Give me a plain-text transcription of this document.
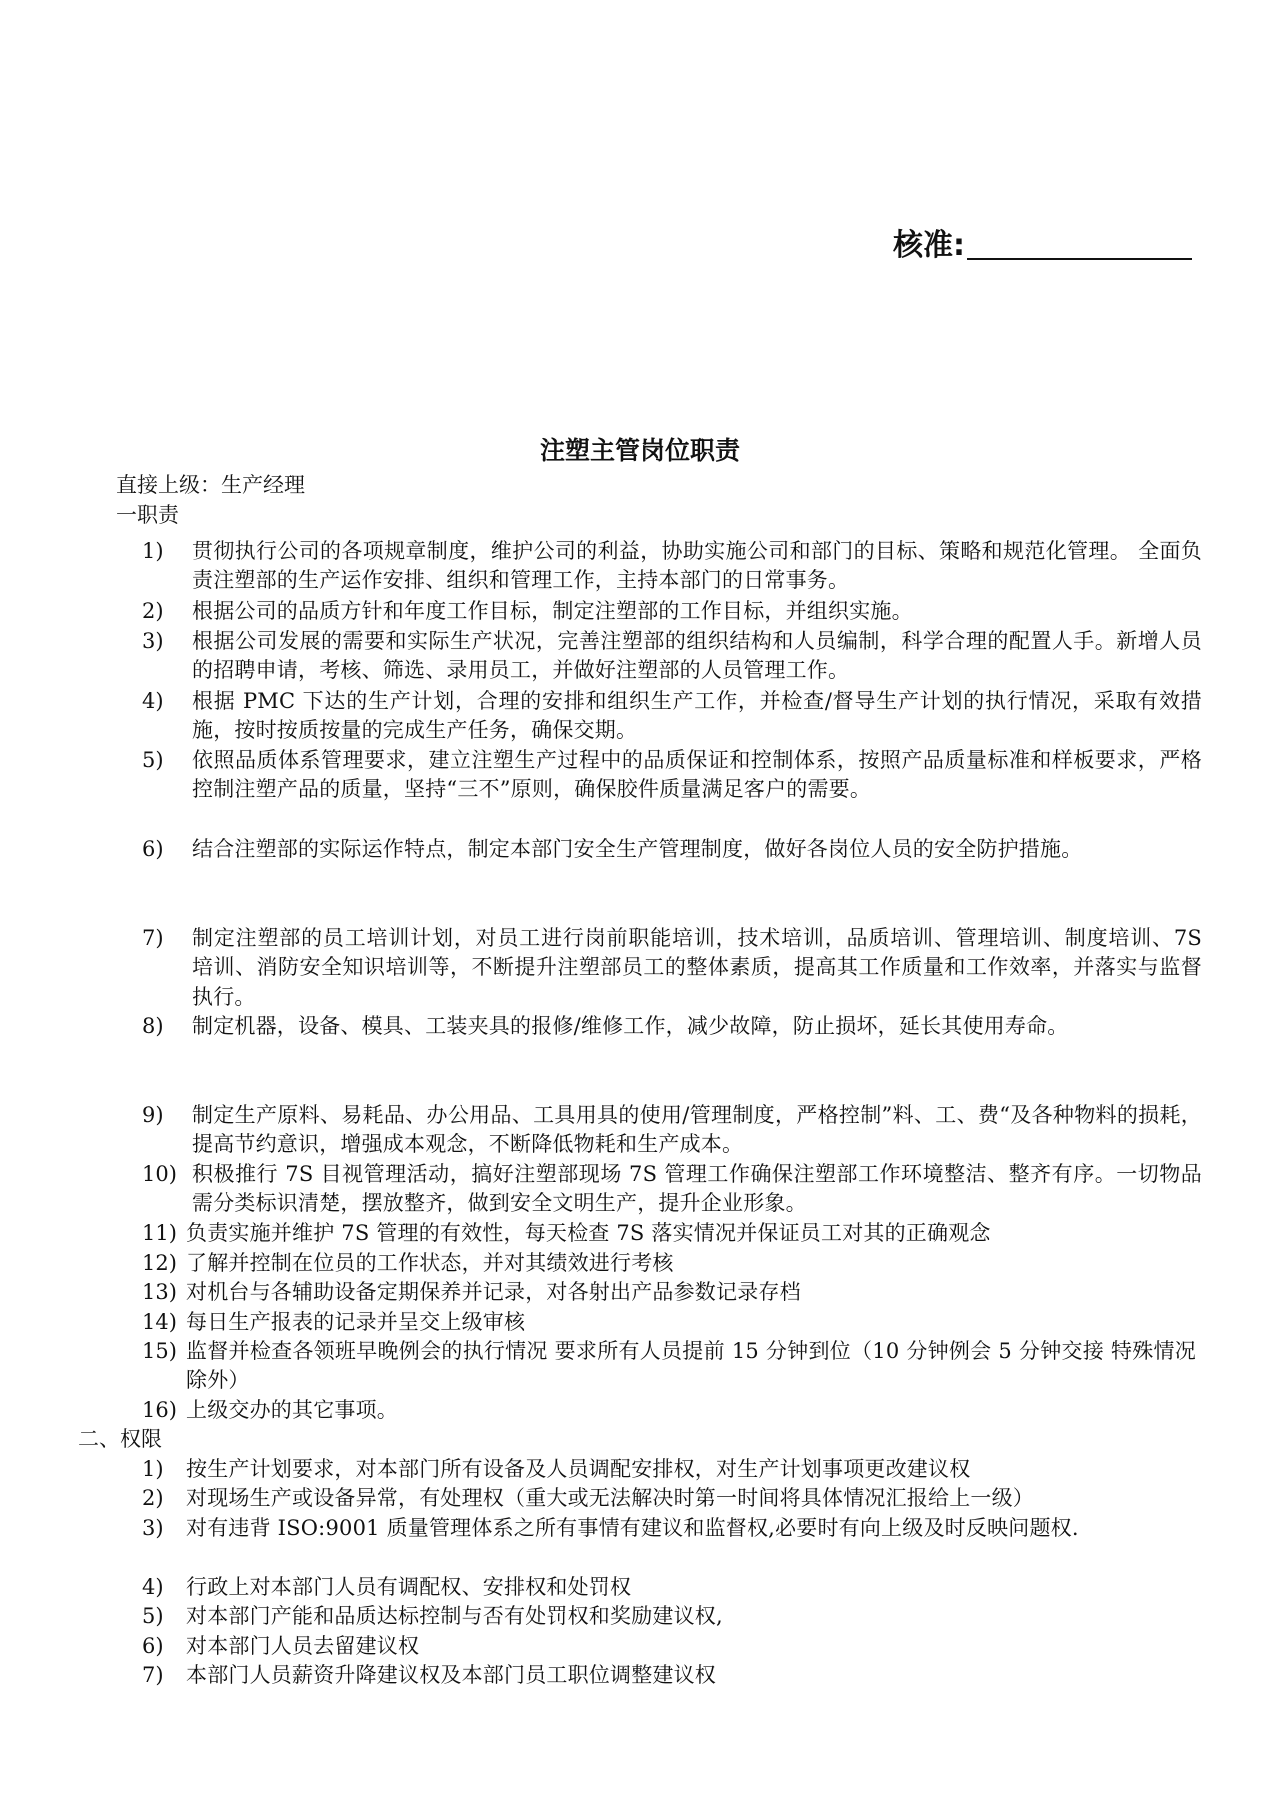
核准:
注塑主管岗位职责
直接上级：生产经理
一职责
1)	贯彻执行公司的各项规章制度，维护公司的利益，协助实施公司和部门的目标、策略和规范化管理。 全面负责注塑部的生产运作安排、组织和管理工作，主持本部门的日常事务。
2)	根据公司的品质方针和年度工作目标，制定注塑部的工作目标，并组织实施。
3)	根据公司发展的需要和实际生产状况，完善注塑部的组织结构和人员编制，科学合理的配置人手。新增人员的招聘申请，考核、筛选、录用员工，并做好注塑部的人员管理工作。
4)	根据 PMC 下达的生产计划，合理的安排和组织生产工作，并检查/督导生产计划的执行情况，采取有效措施，按时按质按量的完成生产任务，确保交期。
5)	依照品质体系管理要求，建立注塑生产过程中的品质保证和控制体系，按照产品质量标准和样板要求，严格控制注塑产品的质量，坚持“三不”原则，确保胶件质量满足客户的需要。
6)	结合注塑部的实际运作特点，制定本部门安全生产管理制度，做好各岗位人员的安全防护措施。
7)	制定注塑部的员工培训计划，对员工进行岗前职能培训，技术培训，品质培训、管理培训、制度培训、7S 培训、消防安全知识培训等，不断提升注塑部员工的整体素质，提高其工作质量和工作效率，并落实与监督执行。
8)	制定机器，设备、模具、工装夹具的报修/维修工作，减少故障，防止损坏，延长其使用寿命。
9)	制定生产原料、易耗品、办公用品、工具用具的使用/管理制度，严格控制”料、工、费“及各种物料的损耗，提高节约意识，增强成本观念，不断降低物耗和生产成本。
10) 积极推行 7S 目视管理活动，搞好注塑部现场 7S 管理工作确保注塑部工作环境整洁、整齐有序。一切物品需分类标识清楚，摆放整齐，做到安全文明生产，提升企业形象。
11) 负责实施并维护 7S 管理的有效性，每天检查 7S 落实情况并保证员工对其的正确观念
12) 了解并控制在位员的工作状态，并对其绩效进行考核
13) 对机台与各辅助设备定期保养并记录，对各射出产品参数记录存档
14) 每日生产报表的记录并呈交上级审核
15) 监督并检查各领班早晚例会的执行情况 要求所有人员提前 15 分钟到位（10 分钟例会 5 分钟交接 特殊情况除外）
16) 上级交办的其它事项。
二、权限
1)	按生产计划要求，对本部门所有设备及人员调配安排权，对生产计划事项更改建议权
2)	对现场生产或设备异常，有处理权（重大或无法解决时第一时间将具体情况汇报给上一级）
3)	对有违背 ISO:9001 质量管理体系之所有事情有建议和监督权,必要时有向上级及时反映问题权.
4)	行政上对本部门人员有调配权、安排权和处罚权
5)	对本部门产能和品质达标控制与否有处罚权和奖励建议权,
6)	对本部门人员去留建议权
7)	本部门人员薪资升降建议权及本部门员工职位调整建议权
